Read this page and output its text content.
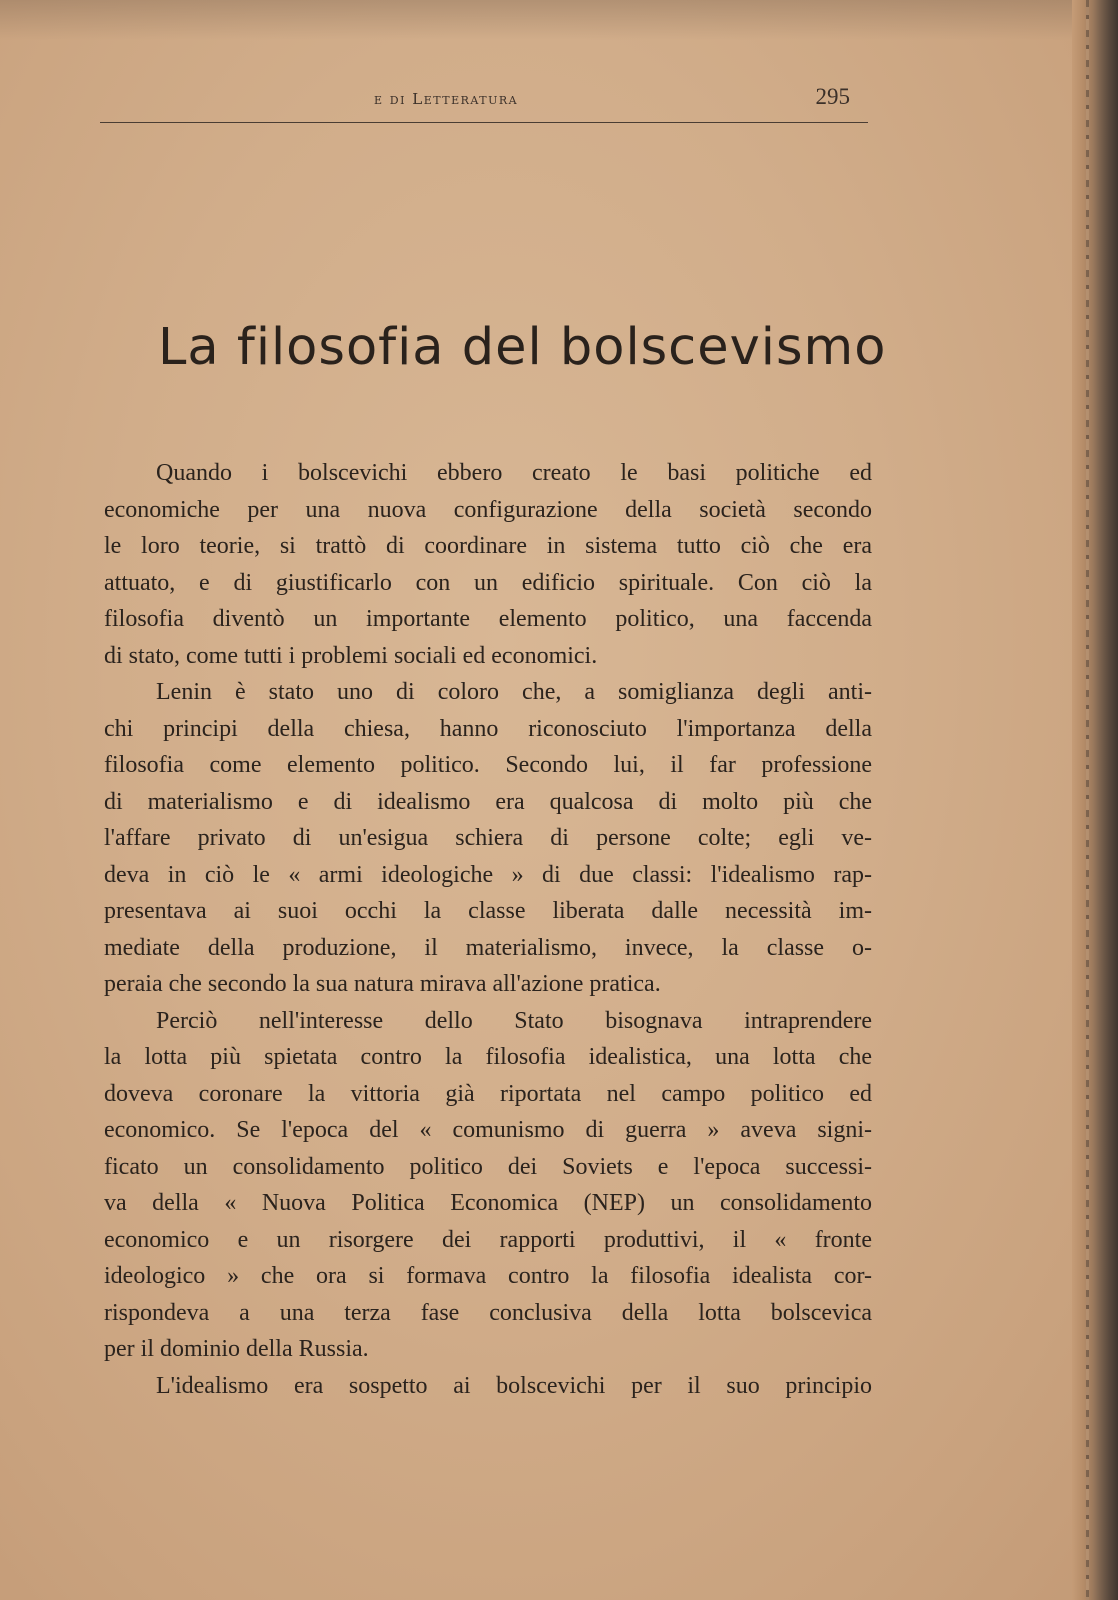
e di Letteratura	295
La filosofia del bolscevismo
Quando i bolscevichi ebbero creato le basi politiche ed
economiche per una nuova configurazione della società secondo
le loro teorie, si trattò di coordinare in sistema tutto ciò che era
attuato, e di giustificarlo con un edificio spirituale. Con ciò la
filosofia diventò un importante elemento politico, una faccenda
di stato, come tutti i problemi sociali ed economici.
Lenin è stato uno di coloro che, a somiglianza degli anti-
chi principi della chiesa, hanno riconosciuto l'importanza della
filosofia come elemento politico. Secondo lui, il far professione
di materialismo e di idealismo era qualcosa di molto più che
l'affare privato di un'esigua schiera di persone colte; egli ve-
deva in ciò le « armi ideologiche » di due classi: l'idealismo rap-
presentava ai suoi occhi la classe liberata dalle necessità im-
mediate della produzione, il materialismo, invece, la classe o-
peraia che secondo la sua natura mirava all'azione pratica.
Perciò nell'interesse dello Stato bisognava intraprendere
la lotta più spietata contro la filosofia idealistica, una lotta che
doveva coronare la vittoria già riportata nel campo politico ed
economico. Se l'epoca del « comunismo di guerra » aveva signi-
ficato un consolidamento politico dei Soviets e l'epoca successi-
va della « Nuova Politica Economica (NEP) un consolidamento
economico e un risorgere dei rapporti produttivi, il « fronte
ideologico » che ora si formava contro la filosofia idealista cor-
rispondeva a una terza fase conclusiva della lotta bolscevica
per il dominio della Russia.
L'idealismo era sospetto ai bolscevichi per il suo principio
